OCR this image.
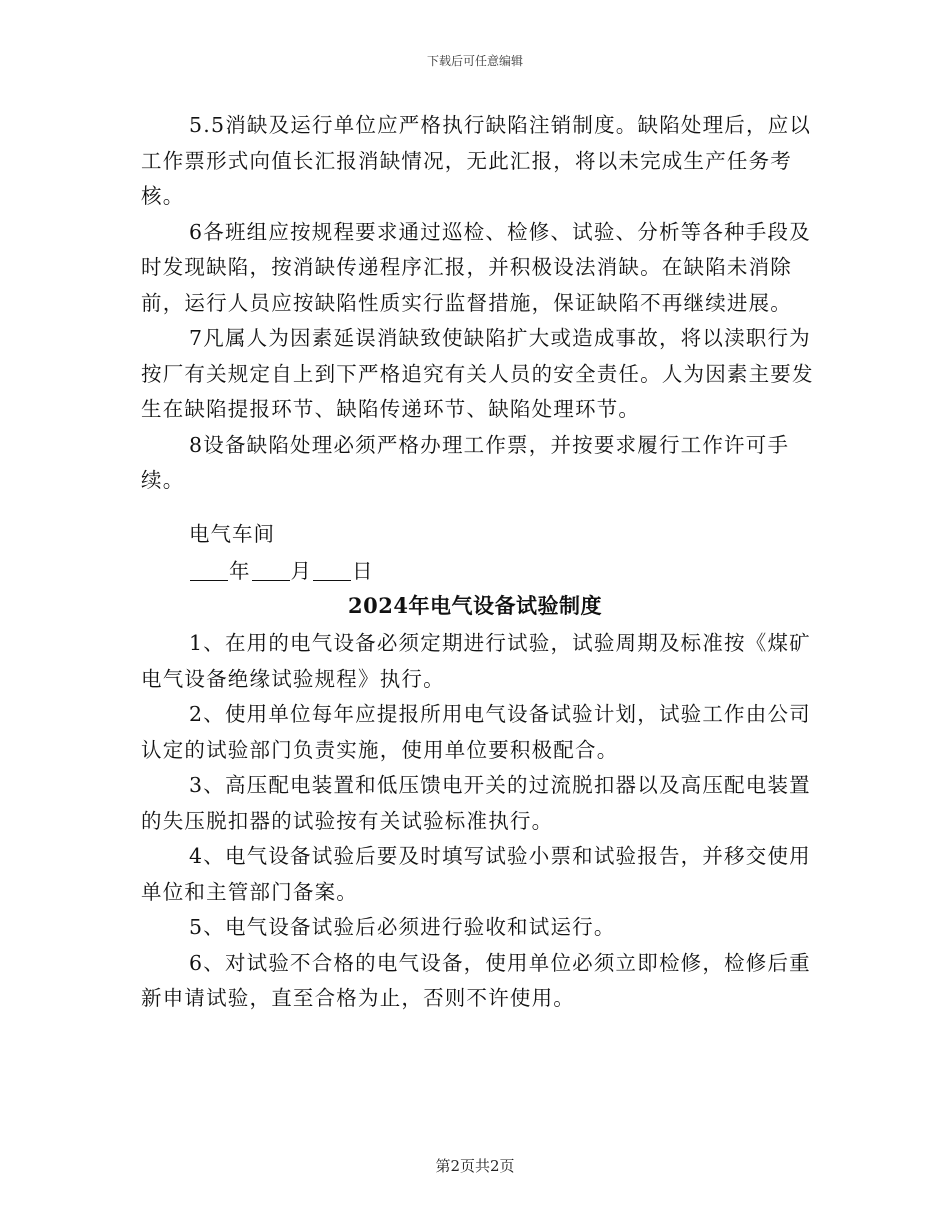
下载后可任意编辑

5.5消缺及运行单位应严格执行缺陷注销制度。缺陷处理后，应以工作票形式向值长汇报消缺情况，无此汇报，将以未完成生产任务考核。

6各班组应按规程要求通过巡检、检修、试验、分析等各种手段及时发现缺陷，按消缺传递程序汇报，并积极设法消缺。在缺陷未消除前，运行人员应按缺陷性质实行监督措施，保证缺陷不再继续进展。

7凡属人为因素延误消缺致使缺陷扩大或造成事故，将以渎职行为按厂有关规定自上到下严格追究有关人员的安全责任。人为因素主要发生在缺陷提报环节、缺陷传递环节、缺陷处理环节。

8设备缺陷处理必须严格办理工作票，并按要求履行工作许可手续。

电气车间
年 月 日
2024年电气设备试验制度

1、在用的电气设备必须定期进行试验，试验周期及标准按《煤矿电气设备绝缘试验规程》执行。

2、使用单位每年应提报所用电气设备试验计划，试验工作由公司认定的试验部门负责实施，使用单位要积极配合。

3、高压配电装置和低压馈电开关的过流脱扣器以及高压配电装置的失压脱扣器的试验按有关试验标准执行。

4、电气设备试验后要及时填写试验小票和试验报告，并移交使用单位和主管部门备案。

5、电气设备试验后必须进行验收和试运行。

6、对试验不合格的电气设备，使用单位必须立即检修，检修后重新申请试验，直至合格为止，否则不许使用。

第2页共2页
